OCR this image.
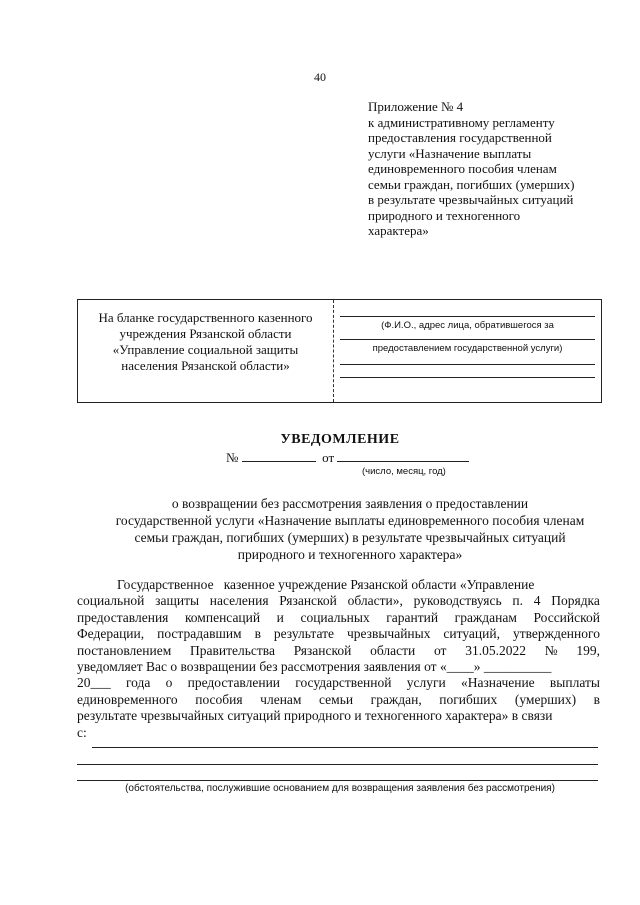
40
Приложение № 4
к административному регламенту
предоставления государственной
услуги «Назначение выплаты
единовременного пособия членам
семьи граждан, погибших (умерших)
в результате чрезвычайных ситуаций
природного и техногенного
характера»
На бланке государственного казенного
учреждения Рязанской области
«Управление социальной защиты
населения Рязанской области»
(Ф.И.О., адрес лица, обратившегося за
предоставлением государственной услуги)
УВЕДОМЛЕНИЕ
№	от
(число, месяц, год)
о возвращении без рассмотрения заявления о предоставлении
государственной услуги «Назначение выплаты единовременного пособия членам
семьи граждан, погибших (умерших) в результате чрезвычайных ситуаций
природного и техногенного характера»
Государственное
казенное учреждение Рязанской области «Управление
социальной защиты населения Рязанской области», руководствуясь п. 4 Порядка
предоставления компенсаций и социальных гарантий гражданам Российской
Федерации, пострадавшим в результате чрезвычайных ситуаций, утвержденного
постановлением Правительства Рязанской области от 31.05.2022 № 199,
уведомляет Вас о возвращении без рассмотрения заявления от «____» __________
20___ года о предоставлении государственной услуги «Назначение выплаты
единовременного пособия членам семьи граждан, погибших (умерших) в
результате чрезвычайных ситуаций природного и техногенного характера» в связи
с:
(обстоятельства, послужившие основанием для возвращения заявления без рассмотрения)
